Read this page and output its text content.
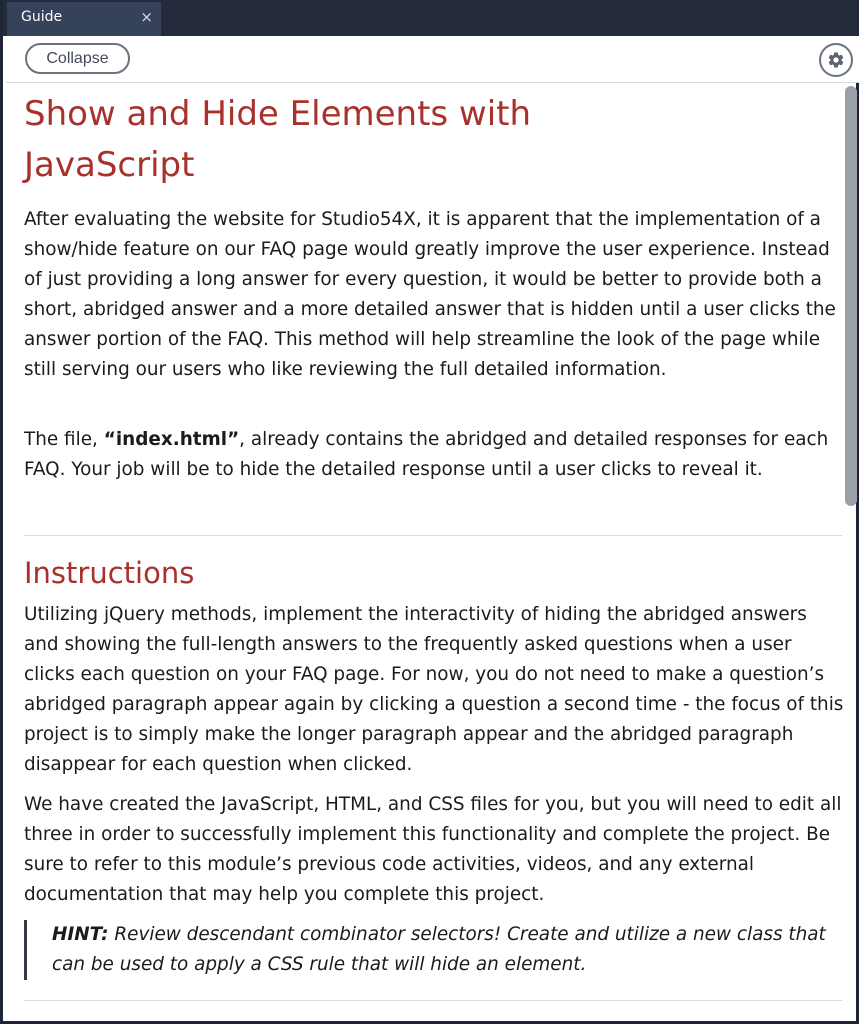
Guide	×
Collapse
Show and Hide Elements with JavaScript

After evaluating the website for Studio54X, it is apparent that the implementation of a show/hide feature on our FAQ page would greatly improve the user experience. Instead of just providing a long answer for every question, it would be better to provide both a short, abridged answer and a more detailed answer that is hidden until a user clicks the answer portion of the FAQ. This method will help streamline the look of the page while still serving our users who like reviewing the full detailed information.

The file, “index.html”, already contains the abridged and detailed responses for each FAQ. Your job will be to hide the detailed response until a user clicks to reveal it.

Instructions

Utilizing jQuery methods, implement the interactivity of hiding the abridged answers and showing the full-length answers to the frequently asked questions when a user clicks each question on your FAQ page. For now, you do not need to make a question’s abridged paragraph appear again by clicking a question a second time - the focus of this project is to simply make the longer paragraph appear and the abridged paragraph disappear for each question when clicked.

We have created the JavaScript, HTML, and CSS files for you, but you will need to edit all three in order to successfully implement this functionality and complete the project. Be sure to refer to this module’s previous code activities, videos, and any external documentation that may help you complete this project.

HINT: Review descendant combinator selectors! Create and utilize a new class that can be used to apply a CSS rule that will hide an element.
